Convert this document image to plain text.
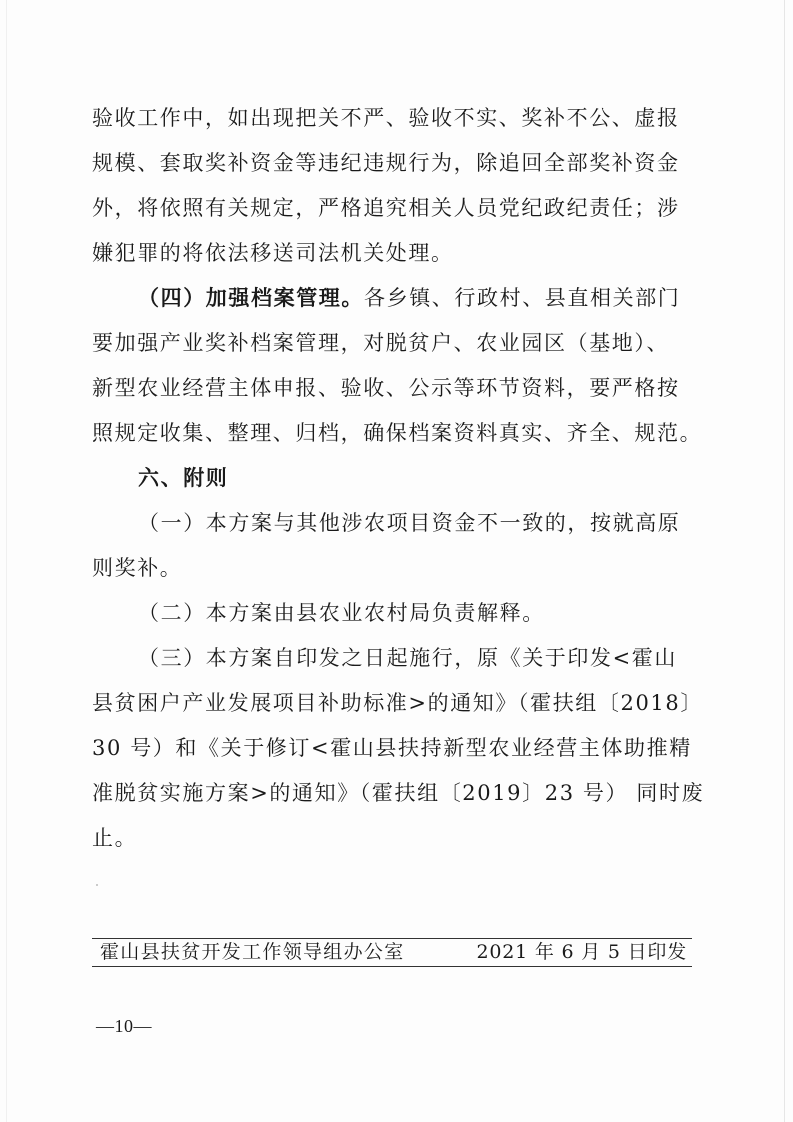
验收工作中，如出现把关不严、验收不实、奖补不公、虚报
规模、套取奖补资金等违纪违规行为，除追回全部奖补资金
外，将依照有关规定，严格追究相关人员党纪政纪责任；涉
嫌犯罪的将依法移送司法机关处理。
（四）加强档案管理。各乡镇、行政村、县直相关部门
要加强产业奖补档案管理，对脱贫户、农业园区（基地）、
新型农业经营主体申报、验收、公示等环节资料，要严格按
照规定收集、整理、归档，确保档案资料真实、齐全、规范。
六、附则
（一）本方案与其他涉农项目资金不一致的，按就高原
则奖补。
（二）本方案由县农业农村局负责解释。
（三）本方案自印发之日起施行，原《关于印发<霍山
县贫困户产业发展项目补助标准>的通知》（霍扶组〔2018〕
30 号）和《关于修订<霍山县扶持新型农业经营主体助推精
准脱贫实施方案>的通知》（霍扶组〔2019〕23 号） 同时废
止。
霍山县扶贫开发工作领导组办公室	2021 年 6 月 5 日印发
—10—
